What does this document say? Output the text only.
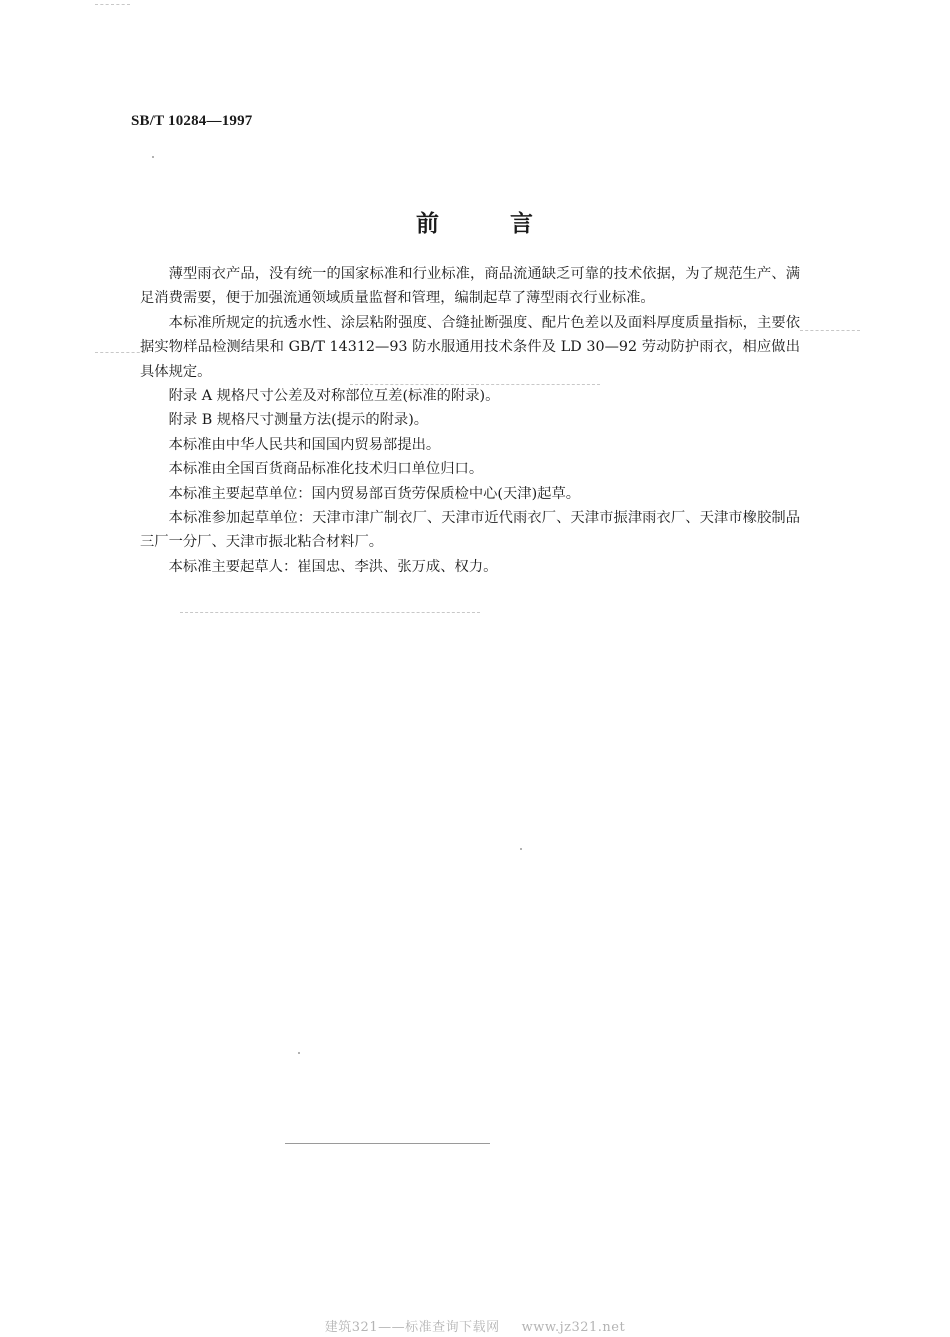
SB/T 10284—1997
前	言

薄型雨衣产品，没有统一的国家标准和行业标准，商品流通缺乏可靠的技术依据，为了规范生产、满足消费需要，便于加强流通领域质量监督和管理，编制起草了薄型雨衣行业标准。

本标准所规定的抗透水性、涂层粘附强度、合缝扯断强度、配片色差以及面料厚度质量指标，主要依据实物样品检测结果和 GB/T 14312—93 防水服通用技术条件及 LD 30—92 劳动防护雨衣，相应做出具体规定。

附录 A 规格尺寸公差及对称部位互差(标准的附录)。

附录 B 规格尺寸测量方法(提示的附录)。

本标准由中华人民共和国国内贸易部提出。

本标准由全国百货商品标准化技术归口单位归口。

本标准主要起草单位：国内贸易部百货劳保质检中心(天津)起草。

本标准参加起草单位：天津市津广制衣厂、天津市近代雨衣厂、天津市振津雨衣厂、天津市橡胶制品三厂一分厂、天津市振北粘合材料厂。

本标准主要起草人：崔国忠、李洪、张万成、权力。

建筑321——标准查询下载网 www.jz321.net
